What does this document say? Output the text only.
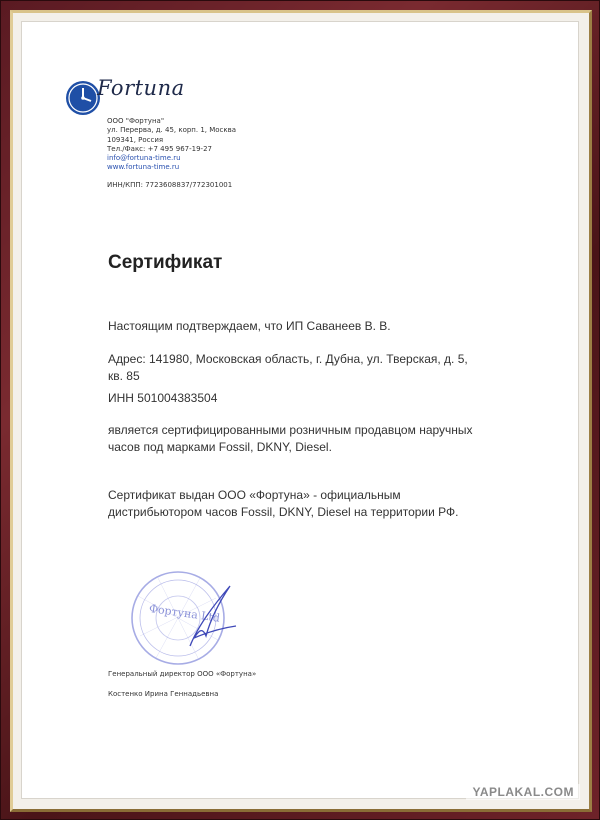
Fortuna
ООО "Фортуна"
ул. Перерва, д. 45, корп. 1, Москва
109341, Россия
Тел./Факс: +7 495 967-19-27
info@fortuna-time.ru
www.fortuna-time.ru
ИНН/КПП: 7723608837/772301001
Сертификат
Настоящим подтверждаем, что ИП Саванеев В. В.
Адрес: 141980, Московская область, г. Дубна, ул. Тверская, д. 5,
кв. 85
ИНН 501004383504
является сертифицированными розничным продавцом наручных
часов под марками Fossil, DKNY, Diesel.
Сертификат выдан ООО «Фортуна» - официальным
дистрибьютором часов Fossil, DKNY, Diesel на территории РФ.
Фортуна Ltd
Генеральный директор ООО «Фортуна»
Костенко Ирина Геннадьевна
YAPLAKAL.COM
